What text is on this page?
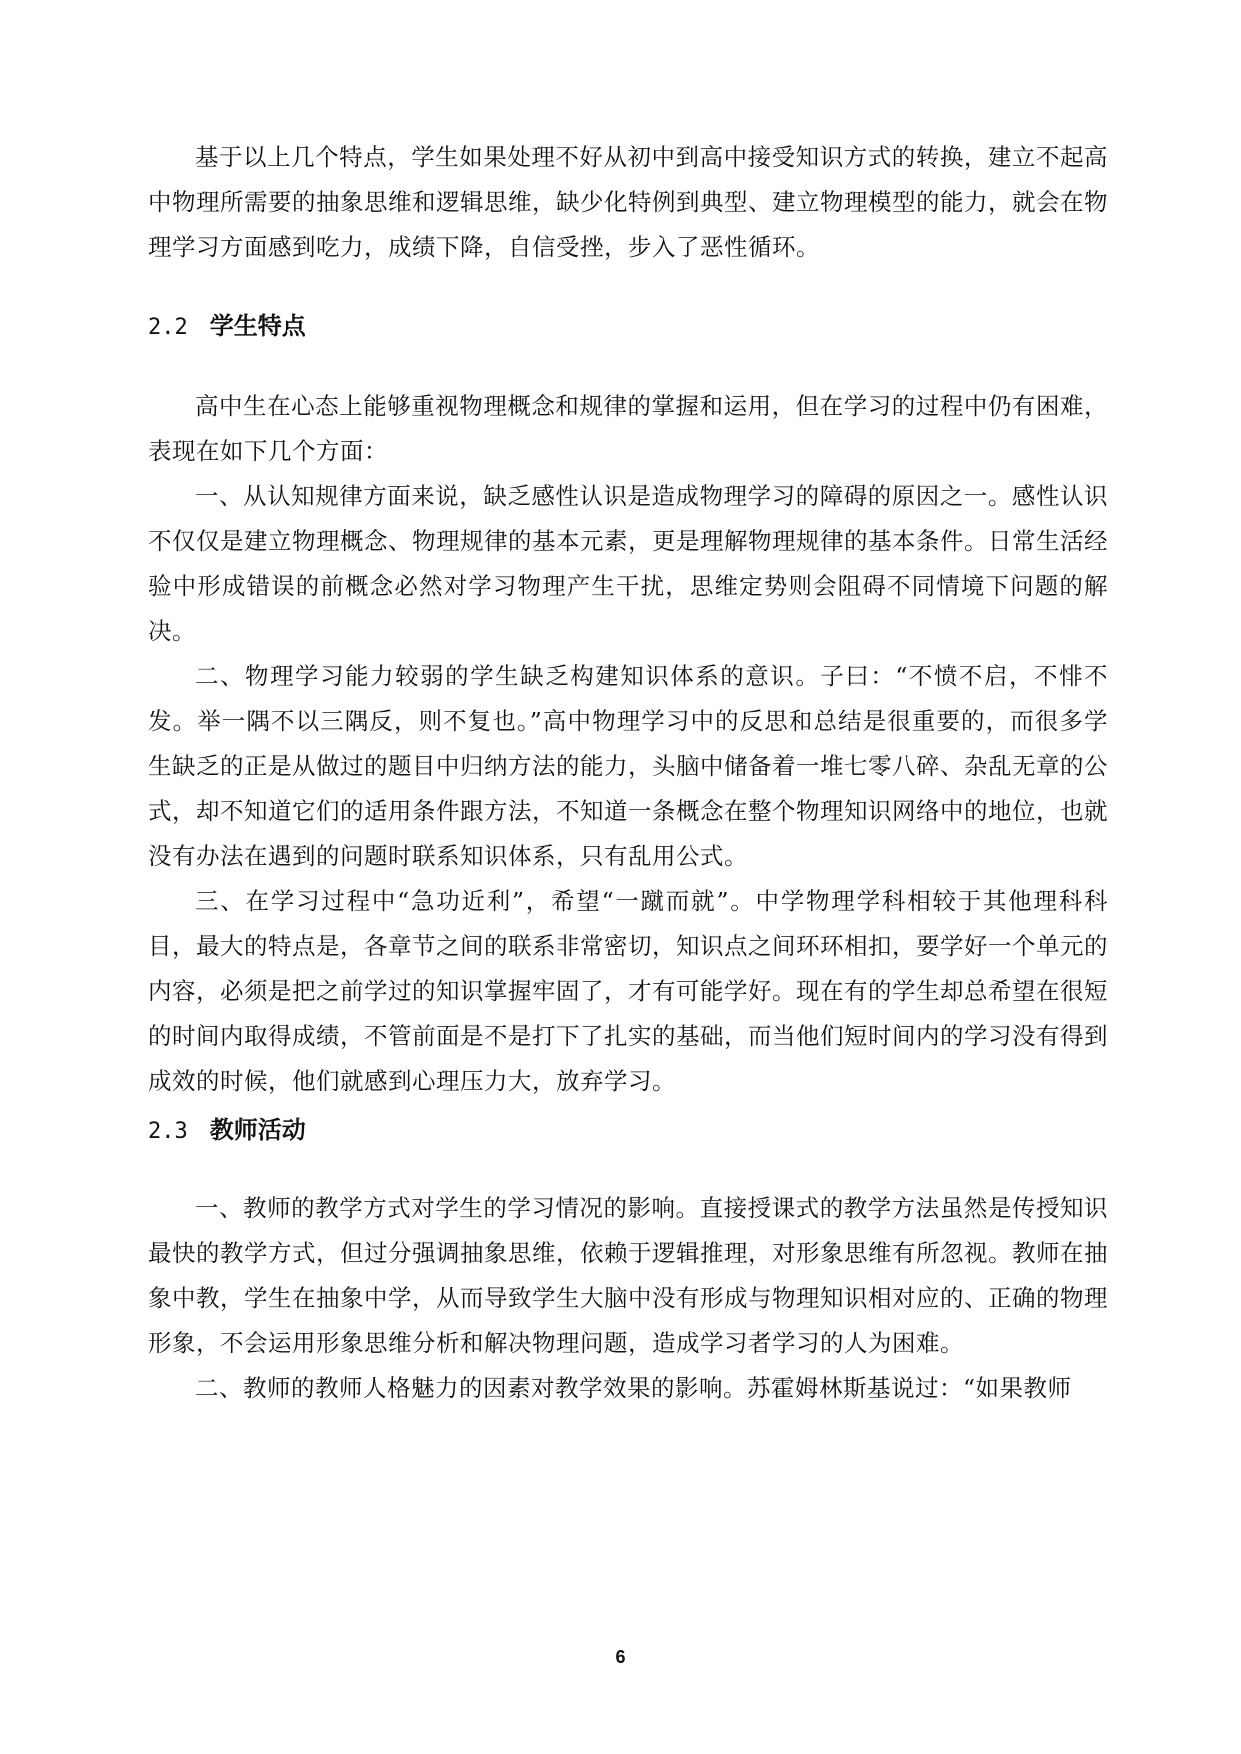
基于以上几个特点，学生如果处理不好从初中到高中接受知识方式的转换，建立不起高中物理所需要的抽象思维和逻辑思维，缺少化特例到典型、建立物理模型的能力，就会在物理学习方面感到吃力，成绩下降，自信受挫，步入了恶性循环。

2.2 学生特点

高中生在心态上能够重视物理概念和规律的掌握和运用，但在学习的过程中仍有困难，表现在如下几个方面：

一、从认知规律方面来说，缺乏感性认识是造成物理学习的障碍的原因之一。感性认识不仅仅是建立物理概念、物理规律的基本元素，更是理解物理规律的基本条件。日常生活经验中形成错误的前概念必然对学习物理产生干扰，思维定势则会阻碍不同情境下问题的解决。

二、物理学习能力较弱的学生缺乏构建知识体系的意识。子曰：“不愤不启，不悱不发。举一隅不以三隅反，则不复也。”高中物理学习中的反思和总结是很重要的，而很多学生缺乏的正是从做过的题目中归纳方法的能力，头脑中储备着一堆七零八碎、杂乱无章的公式，却不知道它们的适用条件跟方法，不知道一条概念在整个物理知识网络中的地位，也就没有办法在遇到的问题时联系知识体系，只有乱用公式。

三、在学习过程中“急功近利”，希望“一蹴而就”。中学物理学科相较于其他理科科目，最大的特点是，各章节之间的联系非常密切，知识点之间环环相扣，要学好一个单元的内容，必须是把之前学过的知识掌握牢固了，才有可能学好。现在有的学生却总希望在很短的时间内取得成绩，不管前面是不是打下了扎实的基础，而当他们短时间内的学习没有得到成效的时候，他们就感到心理压力大，放弃学习。

2.3 教师活动

一、教师的教学方式对学生的学习情况的影响。直接授课式的教学方法虽然是传授知识最快的教学方式，但过分强调抽象思维，依赖于逻辑推理，对形象思维有所忽视。教师在抽象中教，学生在抽象中学，从而导致学生大脑中没有形成与物理知识相对应的、正确的物理形象，不会运用形象思维分析和解决物理问题，造成学习者学习的人为困难。

二、教师的教师人格魅力的因素对教学效果的影响。苏霍姆林斯基说过：“如果教师

6
